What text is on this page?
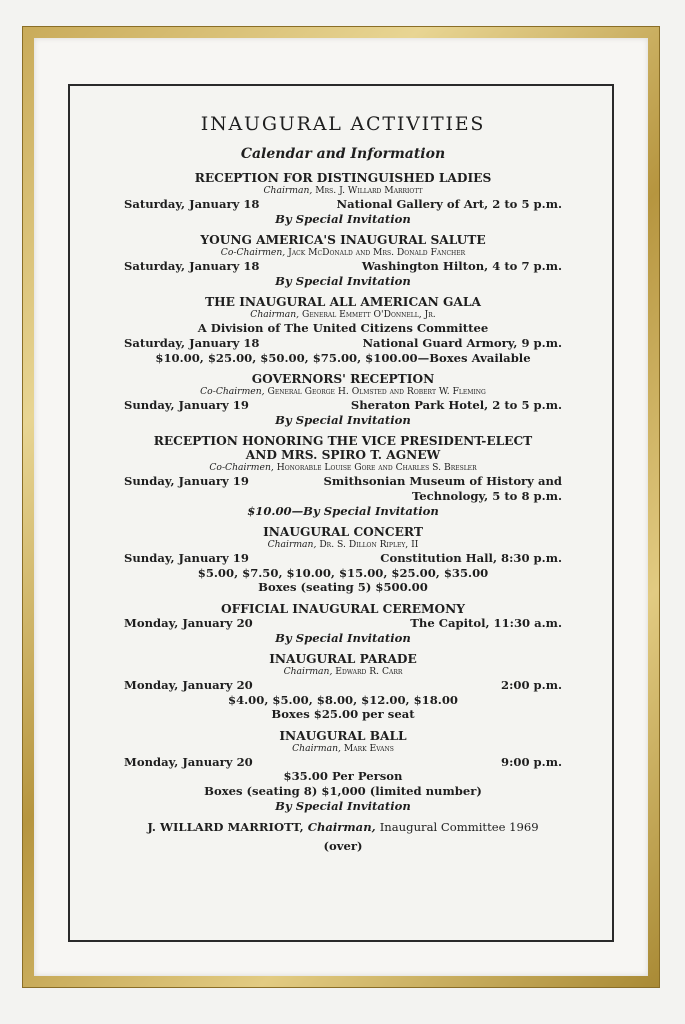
INAUGURAL ACTIVITIES
Calendar and Information
RECEPTION FOR DISTINGUISHED LADIES
Chairman, Mrs. J. Willard Marriott
Saturday, January 18	National Gallery of Art, 2 to 5 p.m.
By Special Invitation
YOUNG AMERICA'S INAUGURAL SALUTE
Co-Chairmen, Jack McDonald and Mrs. Donald Fancher
Saturday, January 18	Washington Hilton, 4 to 7 p.m.
By Special Invitation
THE INAUGURAL ALL AMERICAN GALA
Chairman, General Emmett O'Donnell, Jr.
A Division of The United Citizens Committee
Saturday, January 18	National Guard Armory, 9 p.m.
$10.00, $25.00, $50.00, $75.00, $100.00—Boxes Available
GOVERNORS' RECEPTION
Co-Chairmen, General George H. Olmsted and Robert W. Fleming
Sunday, January 19	Sheraton Park Hotel, 2 to 5 p.m.
By Special Invitation
RECEPTION HONORING THE VICE PRESIDENT-ELECT
AND MRS. SPIRO T. AGNEW
Co-Chairmen, Honorable Louise Gore and Charles S. Bresler
Sunday, January 19	Smithsonian Museum of History and
Technology, 5 to 8 p.m.
$10.00—By Special Invitation
INAUGURAL CONCERT
Chairman, Dr. S. Dillon Ripley, II
Sunday, January 19	Constitution Hall, 8:30 p.m.
$5.00, $7.50, $10.00, $15.00, $25.00, $35.00
Boxes (seating 5) $500.00
OFFICIAL INAUGURAL CEREMONY
Monday, January 20	The Capitol, 11:30 a.m.
By Special Invitation
INAUGURAL PARADE
Chairman, Edward R. Carr
Monday, January 20	2:00 p.m.
$4.00, $5.00, $8.00, $12.00, $18.00
Boxes $25.00 per seat
INAUGURAL BALL
Chairman, Mark Evans
Monday, January 20	9:00 p.m.
$35.00 Per Person
Boxes (seating 8) $1,000 (limited number)
By Special Invitation
J. WILLARD MARRIOTT, Chairman, Inaugural Committee 1969
(over)
